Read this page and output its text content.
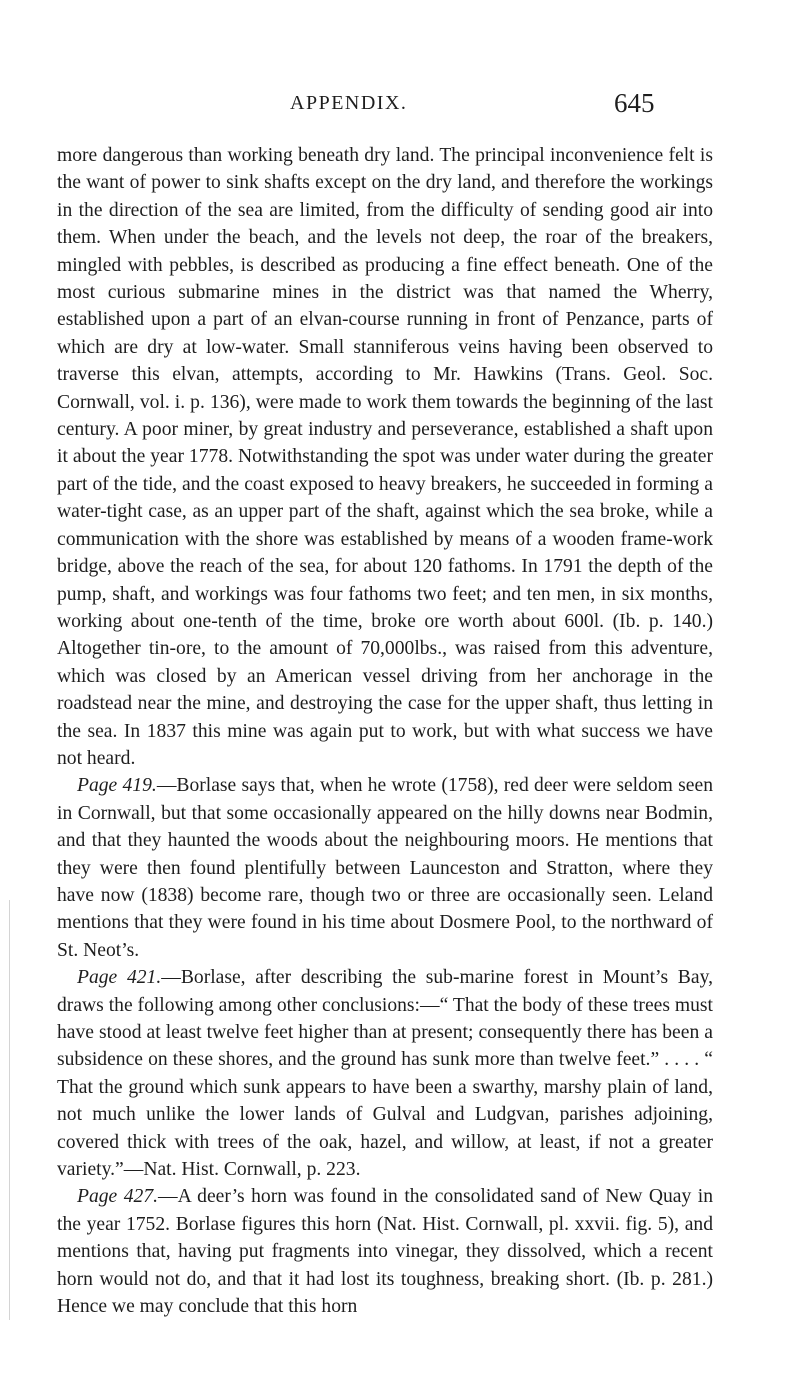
APPENDIX.	645

more dangerous than working beneath dry land. The principal inconvenience felt is the want of power to sink shafts except on the dry land, and therefore the workings in the direction of the sea are limited, from the difficulty of sending good air into them. When under the beach, and the levels not deep, the roar of the breakers, mingled with pebbles, is described as producing a fine effect beneath. One of the most curious submarine mines in the district was that named the Wherry, established upon a part of an elvan-course running in front of Penzance, parts of which are dry at low-water. Small stanniferous veins having been observed to traverse this elvan, attempts, according to Mr. Hawkins (Trans. Geol. Soc. Cornwall, vol. i. p. 136), were made to work them towards the beginning of the last century. A poor miner, by great industry and perseverance, established a shaft upon it about the year 1778. Notwithstanding the spot was under water during the greater part of the tide, and the coast exposed to heavy breakers, he succeeded in forming a water-tight case, as an upper part of the shaft, against which the sea broke, while a communication with the shore was established by means of a wooden frame-work bridge, above the reach of the sea, for about 120 fathoms. In 1791 the depth of the pump, shaft, and workings was four fathoms two feet; and ten men, in six months, working about one-tenth of the time, broke ore worth about 600l. (Ib. p. 140.) Altogether tin-ore, to the amount of 70,000lbs., was raised from this adventure, which was closed by an American vessel driving from her anchorage in the roadstead near the mine, and destroying the case for the upper shaft, thus letting in the sea. In 1837 this mine was again put to work, but with what success we have not heard.

Page 419.—Borlase says that, when he wrote (1758), red deer were seldom seen in Cornwall, but that some occasionally appeared on the hilly downs near Bodmin, and that they haunted the woods about the neighbouring moors. He mentions that they were then found plentifully between Launceston and Stratton, where they have now (1838) become rare, though two or three are occasionally seen. Leland mentions that they were found in his time about Dosmere Pool, to the northward of St. Neot’s.

Page 421.—Borlase, after describing the sub-marine forest in Mount’s Bay, draws the following among other conclusions:—“ That the body of these trees must have stood at least twelve feet higher than at present; consequently there has been a subsidence on these shores, and the ground has sunk more than twelve feet.” . . . . “ That the ground which sunk appears to have been a swarthy, marshy plain of land, not much unlike the lower lands of Gulval and Ludgvan, parishes adjoining, covered thick with trees of the oak, hazel, and willow, at least, if not a greater variety.”—Nat. Hist. Cornwall, p. 223.

Page 427.—A deer’s horn was found in the consolidated sand of New Quay in the year 1752. Borlase figures this horn (Nat. Hist. Cornwall, pl. xxvii. fig. 5), and mentions that, having put fragments into vinegar, they dissolved, which a recent horn would not do, and that it had lost its toughness, breaking short. (Ib. p. 281.) Hence we may conclude that this horn
